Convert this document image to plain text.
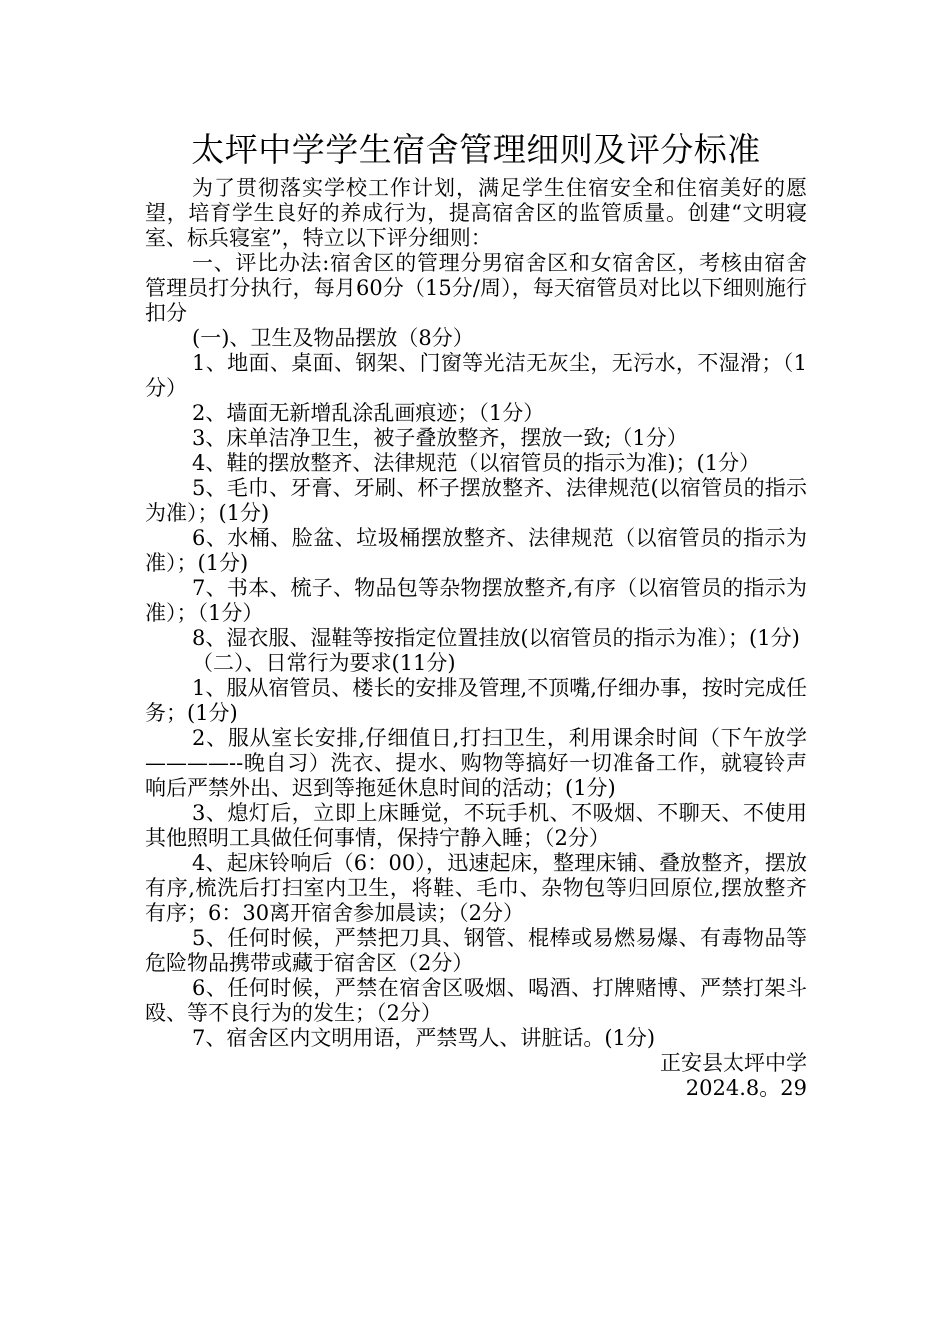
太坪中学学生宿舍管理细则及评分标准

为了贯彻落实学校工作计划，满足学生住宿安全和住宿美好的愿望，培育学生良好的养成行为，提高宿舍区的监管质量。创建“文明寝室、标兵寝室”，特立以下评分细则：

一、评比办法:宿舍区的管理分男宿舍区和女宿舍区，考核由宿舍管理员打分执行，每月60分（15分/周），每天宿管员对比以下细则施行扣分

(一)、卫生及物品摆放（8分）

1、地面、桌面、钢架、门窗等光洁无灰尘，无污水，不湿滑；（1分）

2、墙面无新增乱涂乱画痕迹；（1分）

3、床单洁净卫生，被子叠放整齐，摆放一致;（1分）

4、鞋的摆放整齐、法律规范（以宿管员的指示为准)；(1分）

5、毛巾、牙膏、牙刷、杯子摆放整齐、法律规范(以宿管员的指示为准）；(1分)

6、水桶、脸盆、垃圾桶摆放整齐、法律规范（以宿管员的指示为准）；(1分)

7、书本、梳子、物品包等杂物摆放整齐,有序（以宿管员的指示为准）；（1分）

8、湿衣服、湿鞋等按指定位置挂放(以宿管员的指示为准）；(1分)

（二）、日常行为要求(11分)

1、服从宿管员、楼长的安排及管理,不顶嘴,仔细办事，按时完成任务；(1分)

2、服从室长安排,仔细值日,打扫卫生，利用课余时间（下午放学————--晚自习）洗衣、提水、购物等搞好一切准备工作，就寝铃声响后严禁外出、迟到等拖延休息时间的活动；(1分)

3、熄灯后，立即上床睡觉，不玩手机、不吸烟、不聊天、不使用其他照明工具做任何事情，保持宁静入睡；（2分）

4、起床铃响后（6：00），迅速起床，整理床铺、叠放整齐，摆放有序,梳洗后打扫室内卫生，将鞋、毛巾、杂物包等归回原位,摆放整齐有序；6：30离开宿舍参加晨读；（2分）

5、任何时候，严禁把刀具、钢管、棍棒或易燃易爆、有毒物品等危险物品携带或藏于宿舍区（2分）

6、任何时候，严禁在宿舍区吸烟、喝酒、打牌赌博、严禁打架斗殴、等不良行为的发生；（2分）

7、宿舍区内文明用语，严禁骂人、讲脏话。(1分)

正安县太坪中学

2024.8。29
